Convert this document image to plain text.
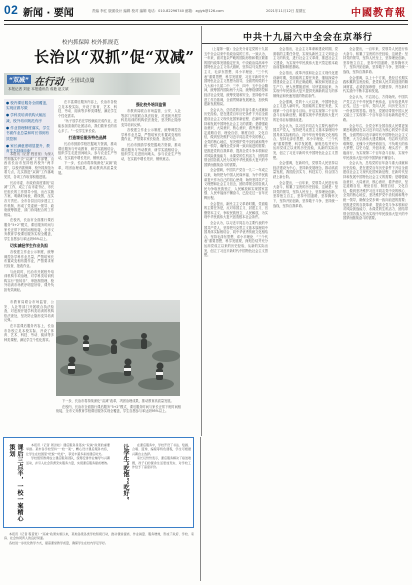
02 新闻 · 要闻	责编 李红 版面设计 编辑 校对 编辑 电话：010-82296740 邮箱：zgjyb@126.com	2021年11月12日 星期五	中國教育報
校内抓保障 校外抓规范
长治以“双抓”促“双减”
“双减” 在行动 ·全国试点篇
本报记者 刘亚 本报通讯员 成艳 赵文斌
● 校内课后服务全面覆盖，实现应做尽做
● 学科类培训机构大幅压减，校外培训规范有序
● 作业管理制度落实，学生书面作业总量和时长得到有效控制
● 家长满意度明显提升，教育生态持续向好

本报讯（记者 程晋宽）为深入贯彻落实中央“双减”工作部署，山西省长治市坚持校内校外“两手抓”，以校内抓保障、校外抓规范为着力点，扎实推进“双减”工作落地见效，各项工作取得积极进展。

长治市委、市政府高度重视“双减”工作，成立了由市委书记、市长任组长的工作领导小组，出台实施方案，明确时间表、路线图，压实各方责任。全市各县区同步建立工作机制，形成了党委统一领导、政府统筹推进、部门协同配合的工作格局。

在校内，长治市全面推行课后服务“5+2”模式，课后服务时间与家长正常下班时间相衔接，全市义务教育学校课后服务实现全覆盖，学生自愿参与率达到95%以上。

切实减轻学生作业负担

各校建立作业公示制度，统筹调控各学科作业总量，严禁给家长布置或变相布置作业，严禁要求家长检查、批改作业。

与此同时，长治市开展校外培训机构专项治理，对学科类培训机构实行“营转非”、审批制管理，校外培训市场秩序明显好转，课外负担有效减轻。

在丰富课后服务内容上，长治市各校立足本校实际，开设了体育、艺术、科技、劳动、阅读等多种类课程，满足学生个性化需求。

“孩子放学后在学校就能完成作业，还能参加喜欢的社团活动，我们做家长的省心多了。”一位学生家长说。

打造课后服务特色品牌

长治市鼓励学校挖掘地方资源，推动课后服务与劳动教育、研学实践相结合，组织学生走进田间地头，参与农业生产劳动，在实践中增长见识、锤炼意志。

下一步，长治市将持续深化“双减”改革，巩固治理成果，推动教育高质量发展。

强化校外培训监管

市教育局联合市场监管、公安、人社等部门开展联合执法检查，对违规开展学科类培训的机构依法查处，坚决防止隐形变异培训反弹。

各校建立作业公示制度，统筹调控各学科作业总量，严禁给家长布置或变相布置作业，严禁要求家长检查、批改作业。

长治市鼓励学校挖掘地方资源，推动课后服务与劳动教育、研学实践相结合，组织学生走进田间地头，参与农业生产劳动，在实践中增长见识、锤炼意志。

市教育局联合市场监管、公安、人社等部门开展联合执法检查，对违规开展学科类培训的机构依法查处，坚决防止隐形变异培训反弹。

在丰富课后服务内容上，长治市各校立足本校实际，开设了体育、艺术、科技、劳动、阅读等多种类课程，满足学生个性化需求。

下一步，长治市将持续深化“双减”改革，巩固治理成果，推动教育高质量发展。

在校内，长治市全面推行课后服务“5+2”模式，课后服务时间与家长正常下班时间相衔接，全市义务教育学校课后服务实现全覆盖，学生自愿参与率达到95%以上。

课后三点半，一校一案精心策划	本报讯（记者 周洪松）课后服务是落实“双减”政策的重要举措。某市各学校坚持“一校一案”，精心设计课后服务内容，让学生在校园里“吃饱”“吃好”，享受丰富多彩的课后时光。

学校组织教师成立课后服务团队，统筹安排作业辅导与兴趣活动，并引入社会资源充实服务力量，实现课后服务提质增效。	让学生“吃饱”“吃好”	在课后服务中，学校开设了书法、绘画、合唱、篮球、编程等特色课程，学生可根据兴趣自主选择。

家长们纷纷表示，课后服务解决了接送难题，孩子们的课余生活更加充实，对学校工作给予了高度评价。

本报讯（记者 程晋宽）“双减”政策实施以来，某地各级各类学校积极行动，推动课堂提质、作业减量、服务增效，形成了政府、学校、家庭、社会协同育人的良好局面。

各校进一步优化教学方式，提高课堂教学质量，确保学生在校内学足学好。

中共十九届六中全会在京举行

（上接第一版）全会充分肯定党的十九届五中全会以来中央政治局的工作。一致认为，一年来，面对复杂严峻的国际形势和艰巨繁重的国内改革发展稳定任务，中央政治局高举中国特色社会主义伟大旗帜，坚持以马克思列宁主义、毛泽东思想、邓小平理论、“三个代表”重要思想、科学发展观、习近平新时代中国特色社会主义思想为指导，全面贯彻党的十九大和十九届二中、三中、四中、五中全会精神，统筹国内国际两个大局，统筹疫情防控和经济社会发展，统筹发展和安全，坚持稳中求进工作总基调，全面贯彻新发展理念，加快构建新发展格局。

全会认为，总结党的百年奋斗重大成就和历史经验，是在建党百年历史条件下开启全面建设社会主义现代化国家新征程、在新时代坚持和发展中国特色社会主义的需要；是增强政治意识、大局意识、核心意识、看齐意识，坚定道路自信、理论自信、制度自信、文化自信，做到坚决维护习近平同志党中央的核心、全党的核心地位，坚决维护党中央权威和集中统一领导，确保全党步调一致向前进的需要；是推进党的自我革命、提高全党斗争本领和应对风险挑战能力、永葆党的生机活力、团结带领全国各族人民为实现中华民族伟大复兴的中国梦而继续奋斗的需要。

全会强调，中国共产党自一九二一年成立以来，始终把为中国人民谋幸福、为中华民族谋复兴作为自己的初心使命，始终坚持共产主义理想和社会主义信念，团结带领全国各族人民为争取民族独立、人民解放和实现国家富强、人民幸福而不懈奋斗，已经走过一百年光辉历程。

全会提出，新民主主义革命时期，党面临的主要任务是，反对帝国主义、封建主义、官僚资本主义，争取民族独立、人民解放，为实现中华民族伟大复兴创造根本社会条件。

全会认为，以习近平同志为主要代表的中国共产党人，坚持把马克思主义基本原理同中国具体实际相结合、同中华优秀传统文化相结合，坚持毛泽东思想、邓小平理论、“三个代表”重要思想、科学发展观，深刻总结并充分运用党成立以来的历史经验，从新的实际出发，创立了习近平新时代中国特色社会主义思想。

全会指出，社会主义革命和建设时期，党面临的主要任务是，实现从新民主主义到社会主义的转变，进行社会主义革命，推进社会主义建设，为实现中华民族伟大复兴奠定根本政治前提和制度基础。

全会指出，改革开放和社会主义现代化建设新时期，党面临的主要任务是，继续探索中国建设社会主义的正确道路，解放和发展社会生产力，使人民摆脱贫困、尽快富裕起来，为实现中华民族伟大复兴提供充满新的活力的体制保证和快速发展的物质条件。

全会强调，党的十八大以来，中国特色社会主义进入新时代。党面临的主要任务是，实现第一个百年奋斗目标，开启实现第二个百年奋斗目标新征程，朝着实现中华民族伟大复兴的宏伟目标继续前进。

全会认为，以习近平同志为主要代表的中国共产党人，坚持把马克思主义基本原理同中国具体实际相结合、同中华优秀传统文化相结合，坚持毛泽东思想、邓小平理论、“三个代表”重要思想、科学发展观，深刻总结并充分运用党成立以来的历史经验，从新的实际出发，创立了习近平新时代中国特色社会主义思想。

全会强调，在新时代，党领导人民坚持以经济建设为中心，坚持新发展理念，推动高质量发展，我国经济实力、科技实力、综合国力跃上新台阶。

全会提出，一百年来，党领导人民进行伟大奋斗，积累了宝贵的历史经验，这就是：坚持党的领导，坚持人民至上，坚持理论创新，坚持独立自主，坚持中国道路，坚持胸怀天下，坚持开拓创新，坚持敢于斗争，坚持统一战线，坚持自我革命。

全会提出，一百年来，党领导人民进行伟大奋斗，积累了宝贵的历史经验，这就是：坚持党的领导，坚持人民至上，坚持理论创新，坚持独立自主，坚持中国道路，坚持胸怀天下，坚持开拓创新，坚持敢于斗争，坚持统一战线，坚持自我革命。

全会强调，以上十个方面，是经过长期实践积累的宝贵经验，是党和人民共同创造的精神财富，必须倍加珍惜、长期坚持，并在新时代实践中不断丰富和发展。

全会认为，不忘初心，方得始终。中国共产党立志于中华民族千秋伟业，百年恰是风华正茂。过去一百年，党向人民、向历史交出了一份优异的答卷。现在，党团结带领中国人民又踏上了实现第二个百年奋斗目标新的赶考之路。

全会号召，全党全军全国各族人民要更加紧密地团结在以习近平同志为核心的党中央周围，全面贯彻习近平新时代中国特色社会主义思想，大力弘扬伟大建党精神，勿忘昨天的苦难辉煌，无愧今天的使命担当，不负明天的伟大梦想，以史为鉴、开创未来，埋头苦干、勇毅前行，为实现第二个百年奋斗目标、实现中华民族伟大复兴的中国梦而不懈奋斗。

全会认为，总结党的百年奋斗重大成就和历史经验，是在建党百年历史条件下开启全面建设社会主义现代化国家新征程、在新时代坚持和发展中国特色社会主义的需要；是增强政治意识、大局意识、核心意识、看齐意识，坚定道路自信、理论自信、制度自信、文化自信，做到坚决维护习近平同志党中央的核心、全党的核心地位，坚决维护党中央权威和集中统一领导，确保全党步调一致向前进的需要；是推进党的自我革命、提高全党斗争本领和应对风险挑战能力、永葆党的生机活力、团结带领全国各族人民为实现中华民族伟大复兴的中国梦而继续奋斗的需要。
